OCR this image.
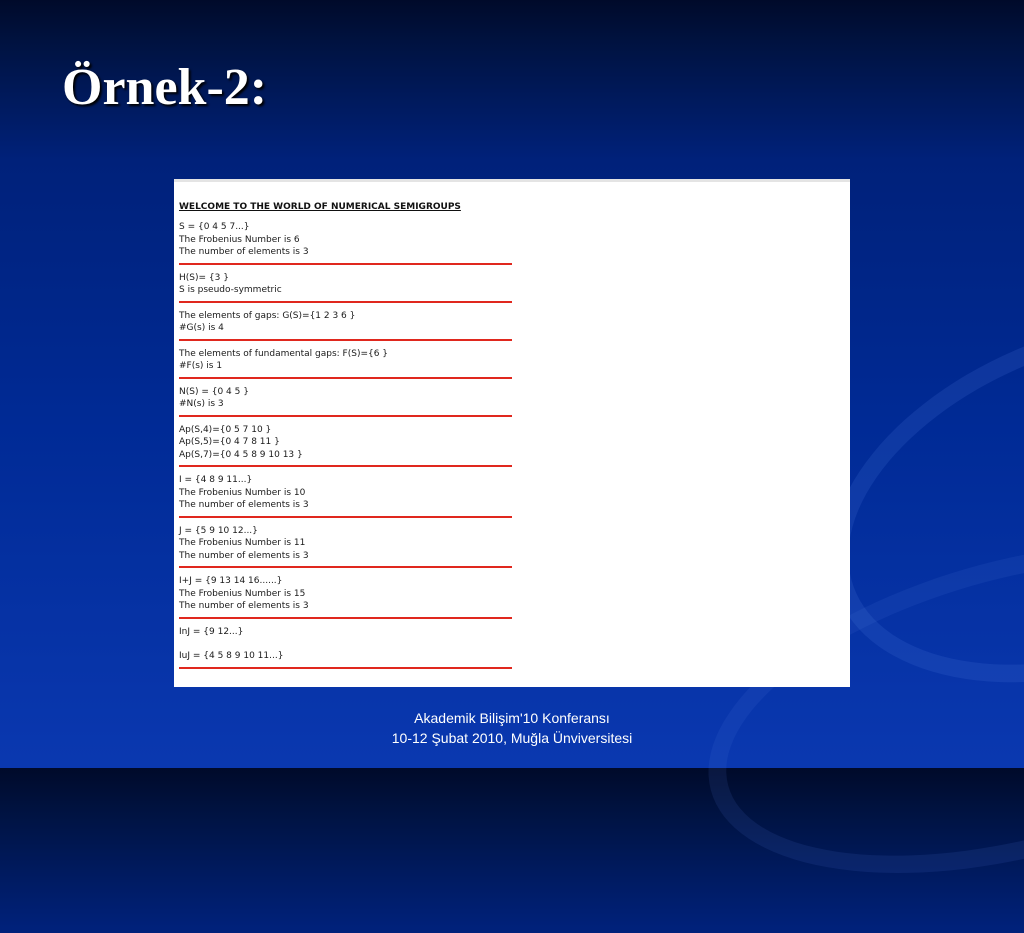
Örnek-2:
WELCOME TO THE WORLD OF NUMERICAL SEMIGROUPS
S = {0 4 5 7...}
The Frobenius Number is 6
The number of elements is 3
H(S)= {3 }
S is pseudo-symmetric
The elements of gaps: G(S)={1 2 3 6 }
#G(s) is 4
The elements of fundamental gaps: F(S)={6 }
#F(s) is 1
N(S) = {0 4 5 }
#N(s) is 3
Ap(S,4)={0 5 7 10 }
Ap(S,5)={0 4 7 8 11 }
Ap(S,7)={0 4 5 8 9 10 13 }
I = {4 8 9 11...}
The Frobenius Number is 10
The number of elements is 3
J = {5 9 10 12...}
The Frobenius Number is 11
The number of elements is 3
I+J = {9 13 14 16......}
The Frobenius Number is 15
The number of elements is 3
InJ = {9 12...}
IuJ = {4 5 8 9 10 11...}
Akademik Bilişim'10 Konferansı
10-12 Şubat 2010, Muğla Ünviversitesi
